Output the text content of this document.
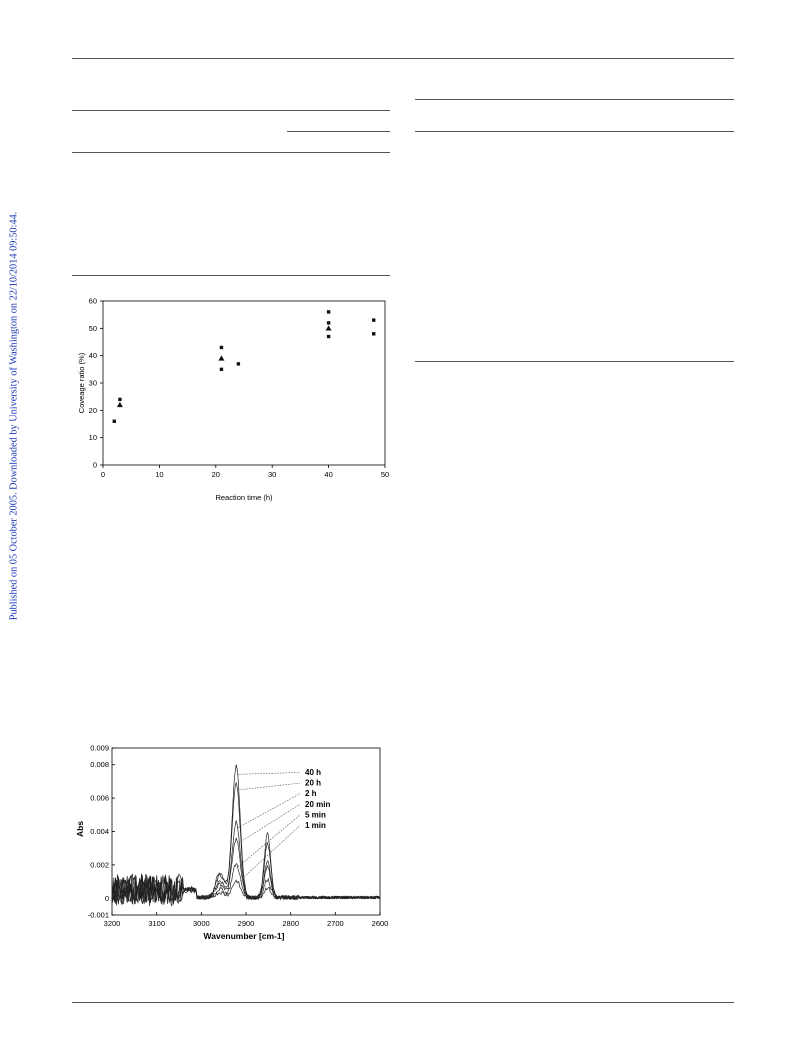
Published on 05 October 2005. Downloaded by University of Washington on 22/10/2014 09:50:44.	0	10	20	30	40	50
0
10
20
30
40
50
60
Reaction time (h)
Coveage ratio (%)
3200	3100	3000	2900	2800	2700	2600
-0.001
0
0.002
0.004
0.006
0.008
0.009
40 h
20 h
2 h
20 min
5 min
1 min
Wavenumber [cm-1]
Abs
